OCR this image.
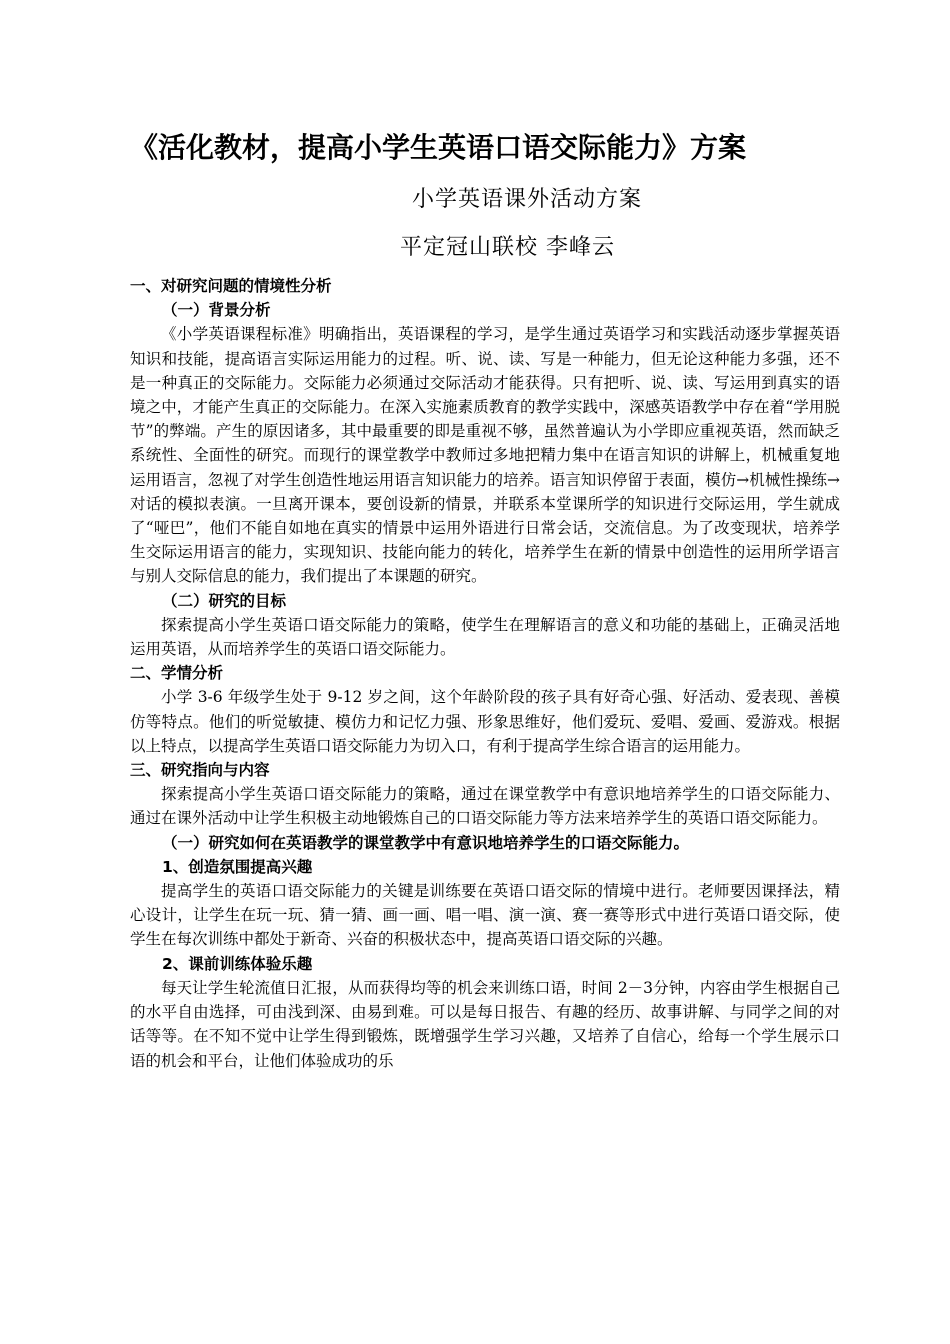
《活化教材，提高小学生英语口语交际能力》方案
小学英语课外活动方案
平定冠山联校 李峰云
一、对研究问题的情境性分析
（一）背景分析

《小学英语课程标准》明确指出，英语课程的学习，是学生通过英语学习和实践活动逐步掌握英语知识和技能，提高语言实际运用能力的过程。听、说、读、写是一种能力，但无论这种能力多强，还不是一种真正的交际能力。交际能力必须通过交际活动才能获得。只有把听、说、读、写运用到真实的语境之中，才能产生真正的交际能力。在深入实施素质教育的教学实践中，深感英语教学中存在着“学用脱节”的弊端。产生的原因诸多，其中最重要的即是重视不够，虽然普遍认为小学即应重视英语，然而缺乏系统性、全面性的研究。而现行的课堂教学中教师过多地把精力集中在语言知识的讲解上，机械重复地运用语言，忽视了对学生创造性地运用语言知识能力的培养。语言知识停留于表面，模仿→机械性操练→对话的模拟表演。一旦离开课本，要创设新的情景，并联系本堂课所学的知识进行交际运用，学生就成了“哑巴”，他们不能自如地在真实的情景中运用外语进行日常会话，交流信息。为了改变现状，培养学生交际运用语言的能力，实现知识、技能向能力的转化，培养学生在新的情景中创造性的运用所学语言与别人交际信息的能力，我们提出了本课题的研究。

（二）研究的目标

探索提高小学生英语口语交际能力的策略，使学生在理解语言的意义和功能的基础上，正确灵活地运用英语，从而培养学生的英语口语交际能力。

二、学情分析

小学 3-6 年级学生处于 9-12 岁之间，这个年龄阶段的孩子具有好奇心强、好活动、爱表现、善模仿等特点。他们的听觉敏捷、模仿力和记忆力强、形象思维好，他们爱玩、爱唱、爱画、爱游戏。根据以上特点，以提高学生英语口语交际能力为切入口，有利于提高学生综合语言的运用能力。

三、研究指向与内容

探索提高小学生英语口语交际能力的策略，通过在课堂教学中有意识地培养学生的口语交际能力、通过在课外活动中让学生积极主动地锻炼自己的口语交际能力等方法来培养学生的英语口语交际能力。

（一）研究如何在英语教学的课堂教学中有意识地培养学生的口语交际能力。
1、创造氛围提高兴趣

提高学生的英语口语交际能力的关键是训练要在英语口语交际的情境中进行。老师要因课择法，精心设计，让学生在玩一玩、猜一猜、画一画、唱一唱、演一演、赛一赛等形式中进行英语口语交际，使学生在每次训练中都处于新奇、兴奋的积极状态中，提高英语口语交际的兴趣。

2、课前训练体验乐趣

每天让学生轮流值日汇报，从而获得均等的机会来训练口语，时间 2－3分钟，内容由学生根据自己的水平自由选择，可由浅到深、由易到难。可以是每日报告、有趣的经历、故事讲解、与同学之间的对话等等。在不知不觉中让学生得到锻炼，既增强学生学习兴趣，又培养了自信心，给每一个学生展示口语的机会和平台，让他们体验成功的乐
